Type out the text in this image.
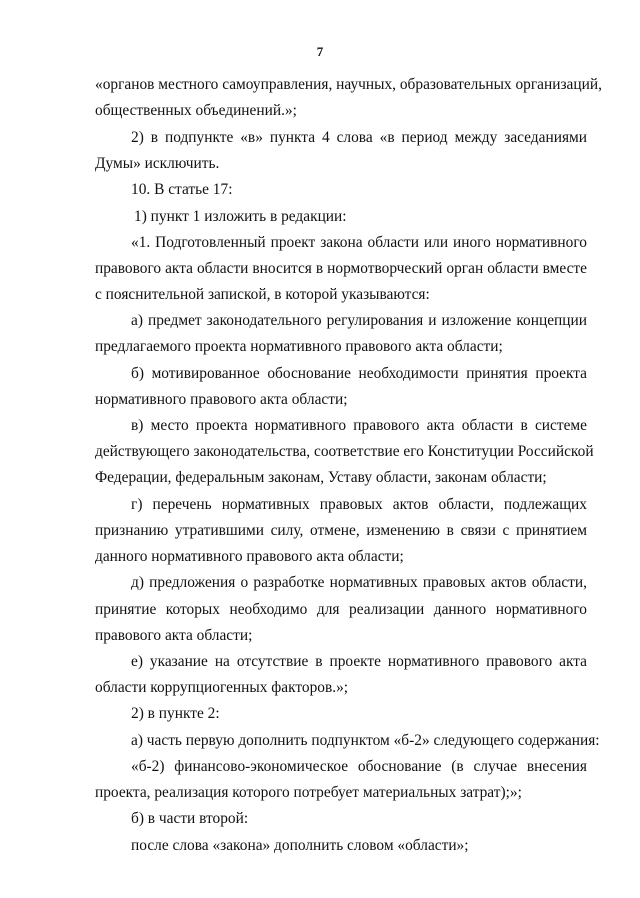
7
«органов местного самоуправления, научных, образовательных организаций,
общественных объединений.»;
2) в подпункте «в» пункта 4 слова «в период между заседаниями
Думы» исключить.
10. В статье 17:
1) пункт 1 изложить в редакции:
«1. Подготовленный проект закона области или иного нормативного
правового акта области вносится в нормотворческий орган области вместе
с пояснительной запиской, в которой указываются:
а) предмет законодательного регулирования и изложение концепции
предлагаемого проекта нормативного правового акта области;
б) мотивированное обоснование необходимости принятия проекта
нормативного правового акта области;
в) место проекта нормативного правового акта области в системе
действующего законодательства, соответствие его Конституции Российской
Федерации, федеральным законам, Уставу области, законам области;
г) перечень нормативных правовых актов области, подлежащих
признанию утратившими силу, отмене, изменению в связи с принятием
данного нормативного правового акта области;
д) предложения о разработке нормативных правовых актов области,
принятие которых необходимо для реализации данного нормативного
правового акта области;
е) указание на отсутствие в проекте нормативного правового акта
области коррупциогенных факторов.»;
2) в пункте 2:
а) часть первую дополнить подпунктом «б-2» следующего содержания:
«б-2) финансово-экономическое обоснование (в случае внесения
проекта, реализация которого потребует материальных затрат);»;
б) в части второй:
после слова «закона» дополнить словом «области»;
